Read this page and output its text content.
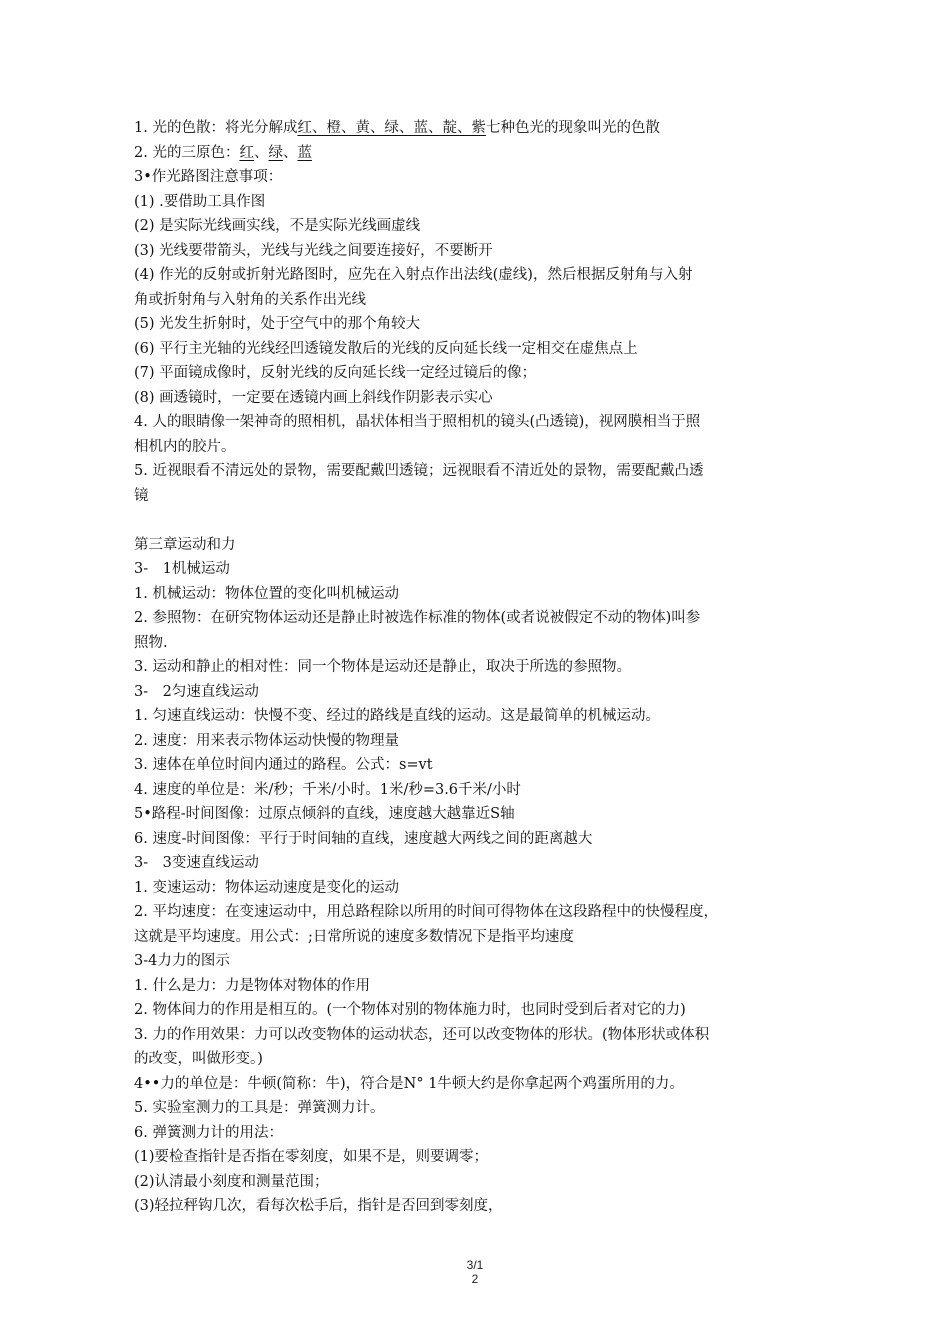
1. 光的色散：将光分解成红、橙、黄、绿、蓝、靛、紫七种色光的现象叫光的色散
2. 光的三原色：红、绿、蓝
3•作光路图注意事项：
(1) .要借助工具作图
(2) 是实际光线画实线，不是实际光线画虚线
(3) 光线要带箭头，光线与光线之间要连接好，不要断开
(4) 作光的反射或折射光路图时，应先在入射点作出法线(虚线)，然后根据反射角与入射
角或折射角与入射角的关系作出光线
(5) 光发生折射时，处于空气中的那个角较大
(6) 平行主光轴的光线经凹透镜发散后的光线的反向延长线一定相交在虚焦点上
(7) 平面镜成像时，反射光线的反向延长线一定经过镜后的像；
(8) 画透镜时，一定要在透镜内画上斜线作阴影表示实心
4. 人的眼睛像一架神奇的照相机，晶状体相当于照相机的镜头(凸透镜)，视网膜相当于照
相机内的胶片。
5. 近视眼看不清远处的景物，需要配戴凹透镜；远视眼看不清近处的景物，需要配戴凸透
镜
第三章运动和力
3-　1机械运动
1. 机械运动：物体位置的变化叫机械运动
2. 参照物：在研究物体运动还是静止时被选作标准的物体(或者说被假定不动的物体)叫参
照物.
3. 运动和静止的相对性：同一个物体是运动还是静止，取决于所选的参照物。
3-　2匀速直线运动
1. 匀速直线运动：快慢不变、经过的路线是直线的运动。这是最简单的机械运动。
2. 速度：用来表示物体运动快慢的物理量
3. 速体在单位时间内通过的路程。公式：s=vt
4. 速度的单位是：米/秒；千米/小时。1米/秒=3.6千米/小时
5•路程-时间图像：过原点倾斜的直线，速度越大越靠近S轴
6. 速度-时间图像：平行于时间轴的直线，速度越大两线之间的距离越大
3-　3变速直线运动
1. 变速运动：物体运动速度是变化的运动
2. 平均速度：在变速运动中，用总路程除以所用的时间可得物体在这段路程中的快慢程度，
这就是平均速度。用公式：;日常所说的速度多数情况下是指平均速度
3-4力力的图示
1. 什么是力：力是物体对物体的作用
2. 物体间力的作用是相互的。(一个物体对别的物体施力时，也同时受到后者对它的力)
3. 力的作用效果：力可以改变物体的运动状态，还可以改变物体的形状。(物体形状或体积
的改变，叫做形变。)
4••力的单位是：牛顿(简称：牛)，符合是N° 1牛顿大约是你拿起两个鸡蛋所用的力。
5. 实验室测力的工具是：弹簧测力计。
6. 弹簧测力计的用法：
(1)要检查指针是否指在零刻度，如果不是，则要调零；
(2)认清最小刻度和测量范围；
(3)轻拉秤钩几次，看每次松手后，指针是否回到零刻度，
3/1
2
